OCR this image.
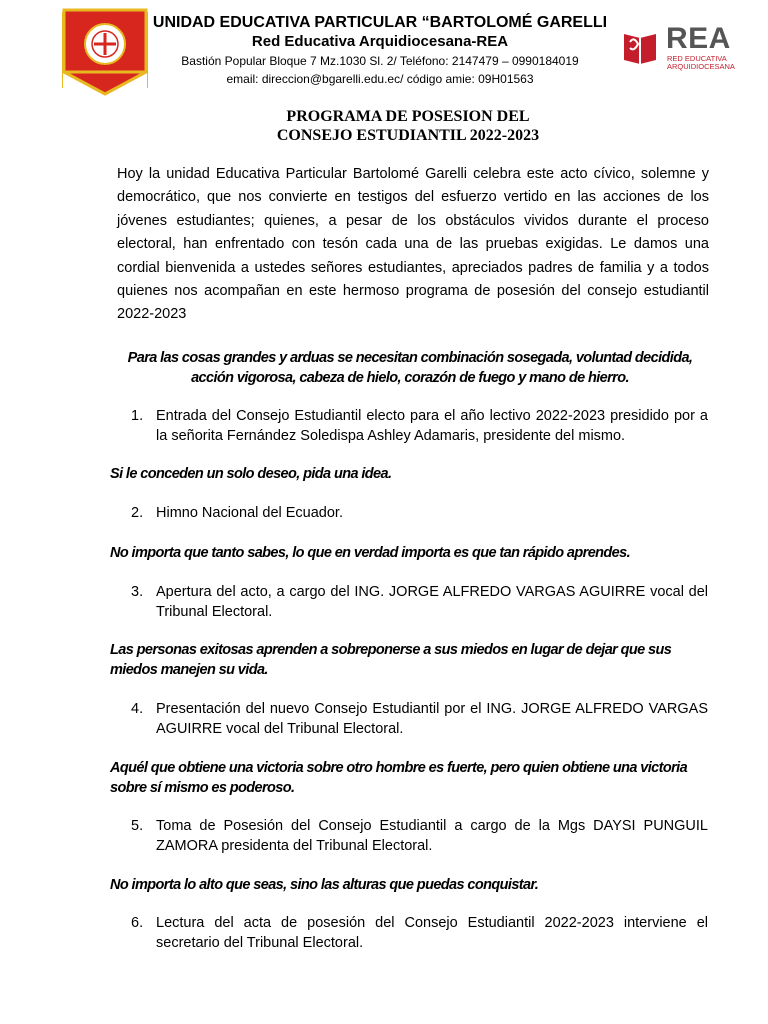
UNIDAD EDUCATIVA PARTICULAR “BARTOLOMÉ GARELLI
Red Educativa Arquidiocesana-REA
Bastión Popular Bloque 7 Mz.1030 Sl. 2/ Teléfono: 2147479 – 0990184019
email: direccion@bgarelli.edu.ec/ código amie: 09H01563
REA
RED EDUCATIVA
ARQUIDIOCESANA
PROGRAMA DE POSESION DEL
CONSEJO ESTUDIANTIL 2022-2023
Hoy la unidad Educativa Particular Bartolomé Garelli celebra este acto cívico, solemne y democrático, que nos convierte en testigos del esfuerzo vertido en las acciones de los jóvenes estudiantes; quienes, a pesar de los obstáculos vividos durante el proceso electoral, han enfrentado con tesón cada una de las pruebas exigidas. Le damos una cordial bienvenida a ustedes señores estudiantes, apreciados padres de familia y a todos quienes nos acompañan en este hermoso programa de posesión del consejo estudiantil 2022-2023
Para las cosas grandes y arduas se necesitan combinación sosegada, voluntad decidida, acción vigorosa, cabeza de hielo, corazón de fuego y mano de hierro.
1. Entrada del Consejo Estudiantil electo para el año lectivo 2022-2023 presidido por a la señorita Fernández Soledispa Ashley Adamaris, presidente del mismo.
Si le conceden un solo deseo, pida una idea.
2. Himno Nacional del Ecuador.
No importa que tanto sabes, lo que en verdad importa es que tan rápido aprendes.
3. Apertura del acto, a cargo del ING. JORGE ALFREDO VARGAS AGUIRRE vocal del Tribunal Electoral.
Las personas exitosas aprenden a sobreponerse a sus miedos en lugar de dejar que sus miedos manejen su vida.
4. Presentación del nuevo Consejo Estudiantil por el ING. JORGE ALFREDO VARGAS AGUIRRE vocal del Tribunal Electoral.
Aquél que obtiene una victoria sobre otro hombre es fuerte, pero quien obtiene una victoria sobre sí mismo es poderoso.
5. Toma de Posesión del Consejo Estudiantil a cargo de la Mgs DAYSI PUNGUIL ZAMORA presidenta del Tribunal Electoral.
No importa lo alto que seas, sino las alturas que puedas conquistar.
6. Lectura del acta de posesión del Consejo Estudiantil 2022-2023 interviene el secretario del Tribunal Electoral.
